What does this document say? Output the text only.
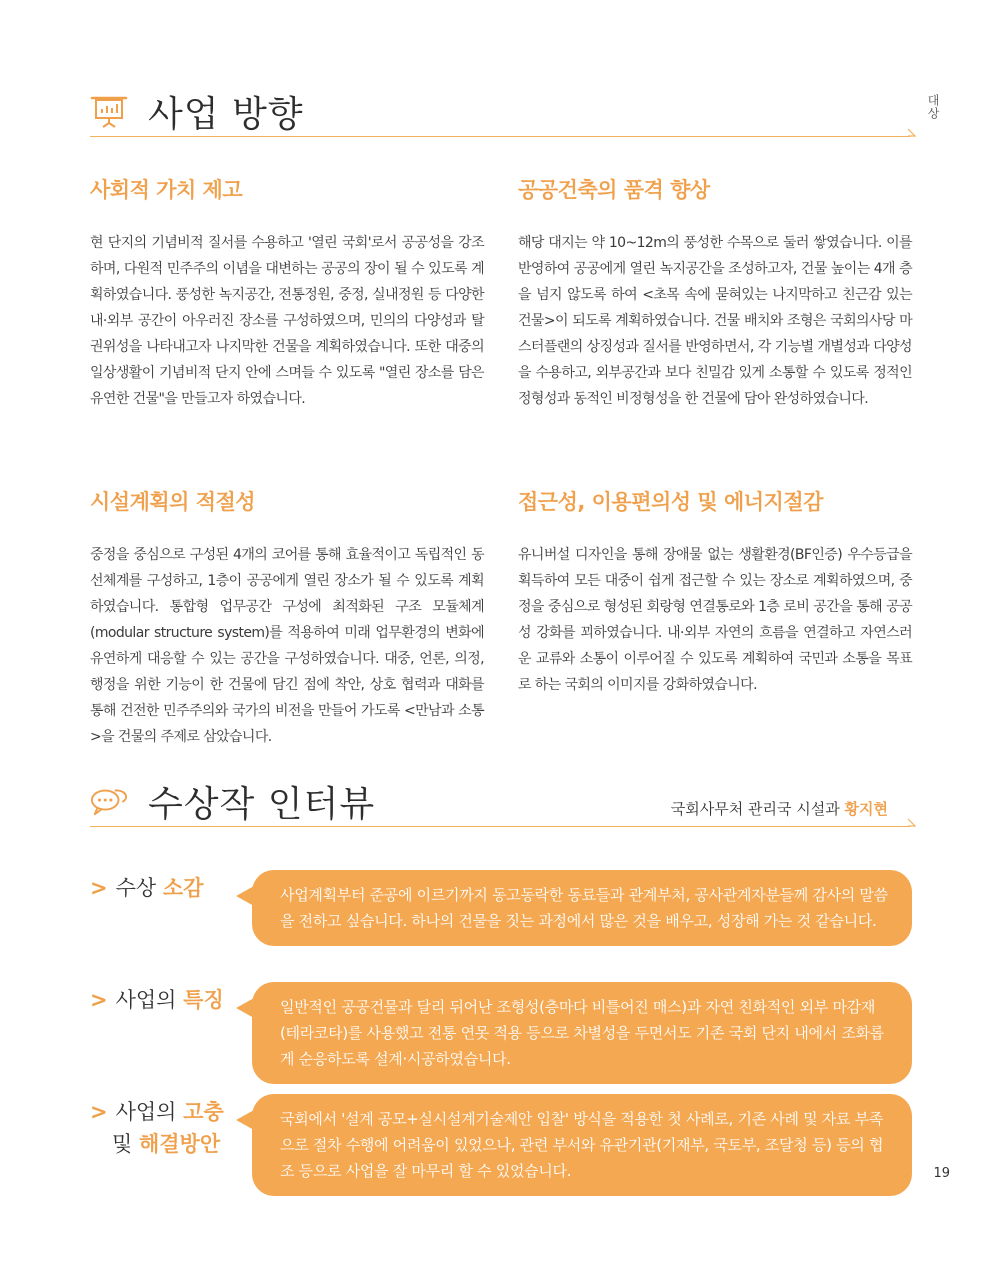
대상
사업 방향
사회적 가치 제고

현 단지의 기념비적 질서를 수용하고 '열린 국회'로서 공공성을 강조하며, 다원적 민주주의 이념을 대변하는 공공의 장이 될 수 있도록 계획하였습니다. 풍성한 녹지공간, 전통정원, 중정, 실내정원 등 다양한 내·외부 공간이 아우러진 장소를 구성하였으며, 민의의 다양성과 탈권위성을 나타내고자 나지막한 건물을 계획하였습니다. 또한 대중의 일상생활이 기념비적 단지 안에 스며들 수 있도록 "열린 장소를 담은 유연한 건물"을 만들고자 하였습니다.

공공건축의 품격 향상

해당 대지는 약 10~12m의 풍성한 수목으로 둘러 쌓였습니다. 이를 반영하여 공공에게 열린 녹지공간을 조성하고자, 건물 높이는 4개 층을 넘지 않도록 하여 <초목 속에 묻혀있는 나지막하고 친근감 있는 건물>이 되도록 계획하였습니다. 건물 배치와 조형은 국회의사당 마스터플랜의 상징성과 질서를 반영하면서, 각 기능별 개별성과 다양성을 수용하고, 외부공간과 보다 친밀감 있게 소통할 수 있도록 정적인 정형성과 동적인 비정형성을 한 건물에 담아 완성하였습니다.

시설계획의 적절성

중정을 중심으로 구성된 4개의 코어를 통해 효율적이고 독립적인 동선체계를 구성하고, 1층이 공공에게 열린 장소가 될 수 있도록 계획하였습니다. 통합형 업무공간 구성에 최적화된 구조 모듈체계(modular structure system)를 적용하여 미래 업무환경의 변화에 유연하게 대응할 수 있는 공간을 구성하였습니다. 대중, 언론, 의정, 행정을 위한 기능이 한 건물에 담긴 점에 착안, 상호 협력과 대화를 통해 건전한 민주주의와 국가의 비전을 만들어 가도록 <만남과 소통>을 건물의 주제로 삼았습니다.

접근성, 이용편의성 및 에너지절감

유니버설 디자인을 통해 장애물 없는 생활환경(BF인증) 우수등급을 획득하여 모든 대중이 쉽게 접근할 수 있는 장소로 계획하였으며, 중정을 중심으로 형성된 회랑형 연결통로와 1층 로비 공간을 통해 공공성 강화를 꾀하였습니다. 내·외부 자연의 흐름을 연결하고 자연스러운 교류와 소통이 이루어질 수 있도록 계획하여 국민과 소통을 목표로 하는 국회의 이미지를 강화하였습니다.

수상작 인터뷰	국회사무처 관리국 시설과 황지현
> 수상 소감	사업계획부터 준공에 이르기까지 동고동락한 동료들과 관계부처, 공사관계자분들께 감사의 말씀을 전하고 싶습니다. 하나의 건물을 짓는 과정에서 많은 것을 배우고, 성장해 가는 것 같습니다.
> 사업의 특징	일반적인 공공건물과 달리 뒤어난 조형성(층마다 비틀어진 매스)과 자연 친화적인 외부 마감재(테라코타)를 사용했고 전통 연못 적용 등으로 차별성을 두면서도 기존 국회 단지 내에서 조화롭게 순응하도록 설계·시공하였습니다.
> 사업의 고충
및 해결방안
국회에서 '설계 공모+실시설계기술제안 입찰' 방식을 적용한 첫 사례로, 기존 사례 및 자료 부족으로 절차 수행에 어려움이 있었으나, 관련 부서와 유관기관(기재부, 국토부, 조달청 등) 등의 협조 등으로 사업을 잘 마무리 할 수 있었습니다.	19
